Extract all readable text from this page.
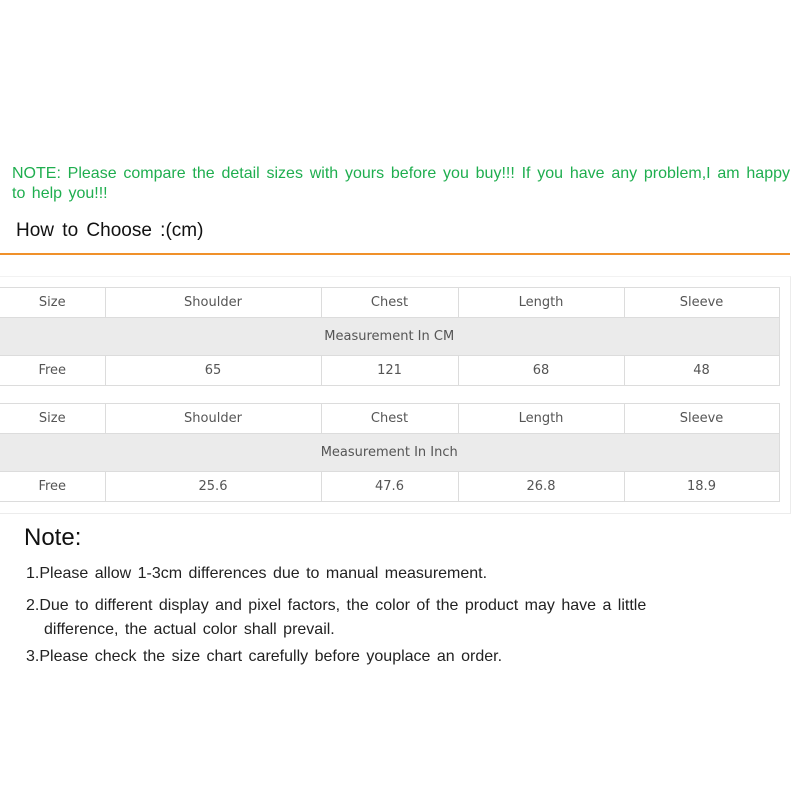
NOTE: Please compare the detail sizes with yours before you buy!!! If you have any problem,I am happy to help you!!!
How to Choose :(cm)
Size	Shoulder	Chest	Length	Sleeve
Measurement In CM				
Free	65	121	68	48
Size	Shoulder	Chest	Length	Sleeve
Measurement In Inch				
Free	25.6	47.6	26.8	18.9
Note:
1.Please allow 1-3cm differences due to manual measurement.
2.Due to different display and pixel factors, the color of the product may have a little difference, the actual color shall prevail.
3.Please check the size chart carefully before youplace an order.
